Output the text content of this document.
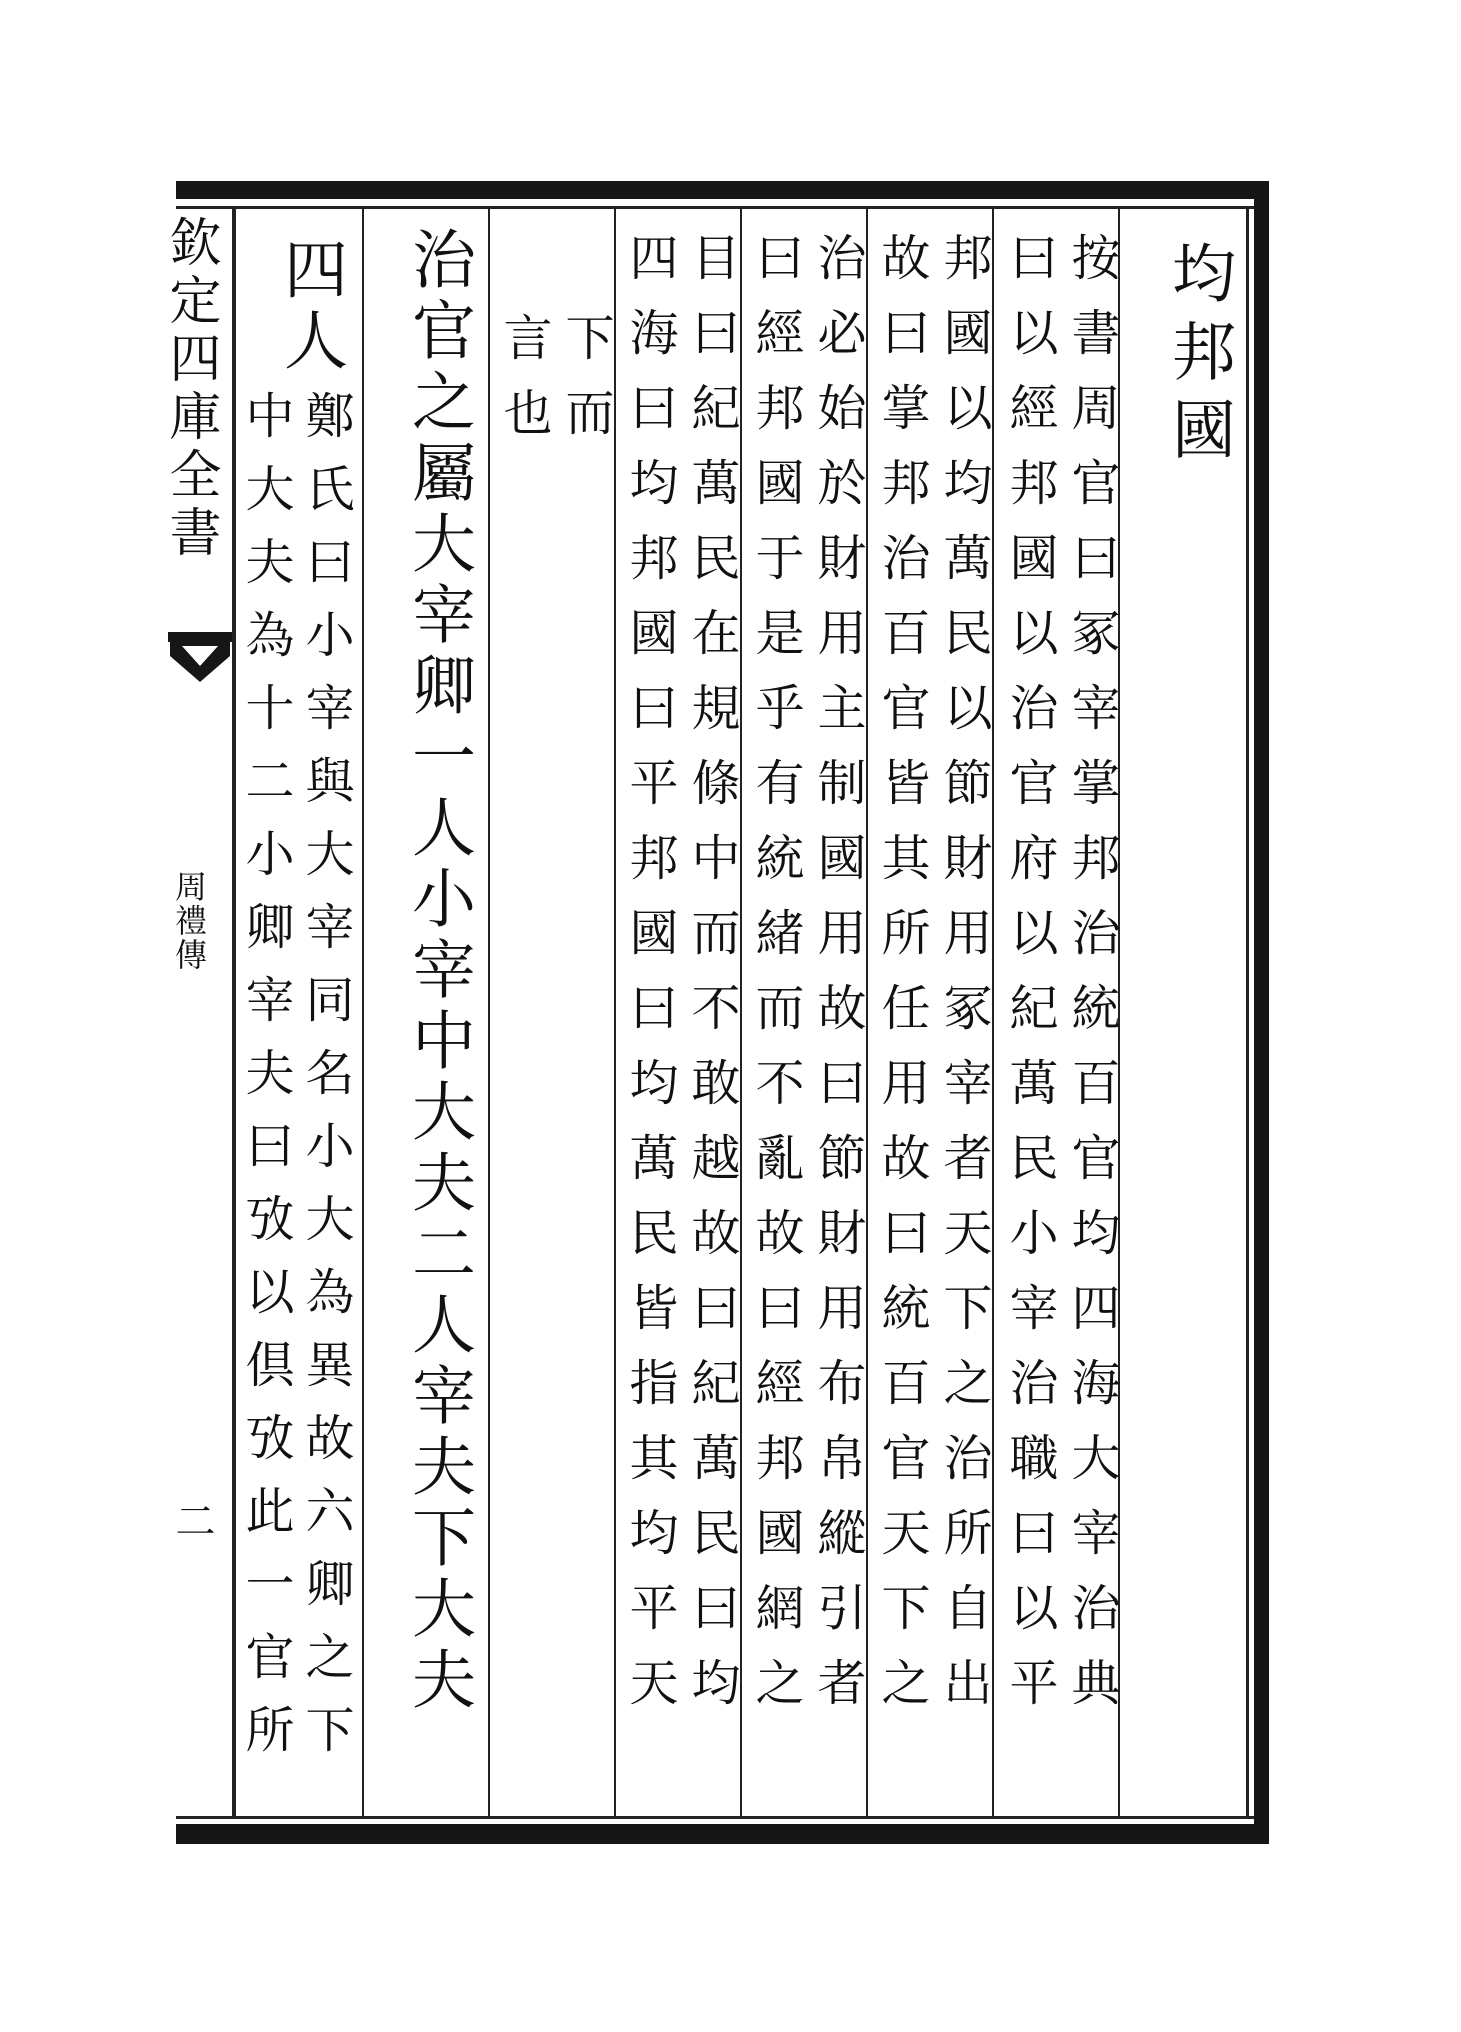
欽定四庫全書
周禮傳
二
均邦國
按書周官曰冢宰掌邦治統百官均四海大宰治典
曰以經邦國以治官府以紀萬民小宰治職曰以平
邦國以均萬民以節財用冢宰者天下之治所自出
故曰掌邦治百官皆其所任用故曰統百官天下之
治必始於財用主制國用故曰節財用布帛縱引者
曰經邦國于是乎有統緒而不亂故曰經邦國網之
目曰紀萬民在規條中而不敢越故曰紀萬民曰均
四海曰均邦國曰平邦國曰均萬民皆指其均平天
下而
言也
治官之屬大宰卿一人小宰中大夫二人宰夫下大夫
四人
鄭氏曰小宰與大宰同名小大為異故六卿之下
中大夫為十二小卿宰夫曰攷以倶攷此一官所
